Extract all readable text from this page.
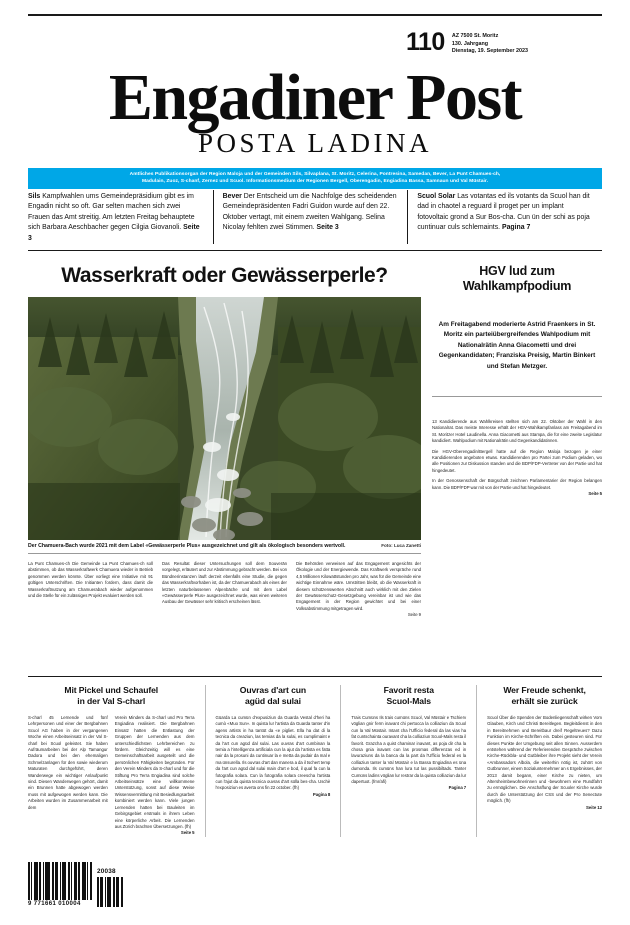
110 AZ 7500 St. Moritz
130. Jahrgang
Dienstag, 19. September 2023
Engadiner Post
POSTA LADINA
Amtliches Publikationsorgan der Region Maloja und der Gemeinden Sils, Silvaplana, St. Moritz, Celerina, Pontresina, Samedan, Bever, La Punt Chamues-ch,
Madulain, Zuoz, S-chanf, Zernez und Scuol. Informationsmedium der Regionen Bergell, Oberengadin, Engiadina Bassa, Samnaun und Val Müstair.
Sils Kampfwahlen ums Gemeindepräsidium gibt es im Engadin nicht so oft. Gar selten machen sich zwei Frauen das Amt streitig. Am letzten Freitag behauptete sich Barbara Aeschbacher gegen Cilgia Giovanoli. Seite 3
Bever Der Entscheid um die Nachfolge des scheidenden Gemeindepräsidenten Fadri Guidon wurde auf den 22. Oktober vertagt, mit einem zweiten Wahlgang. Selina Nicolay fehlten zwei Stimmen. Seite 3
Scuol Solar Las votantas ed ils votants da Scuol han dit dad in chaotel a reguard il proget per un implant fotovoltaic grond a Sur Bos-cha. Cun ün der schi as poja cuntinuar culs schlemaints. Pagina 7
Wasserkraft oder Gewässerperle?
Der Chamuera-Bach wurde 2021 mit dem Label «Gewässerperle Plus» ausgezeichnet und gilt als ökologisch besonders wertvoll.	Foto: Luca Zanetti
La Punt Chamues-ch Die Gemeinde La Punt Chamues-ch soll abstimmen, ob das Wasserkraftwerk Chamuera wieder in Betrieb genommen werden könnte. Über vorliegt eine Initiative mit 91 gültigen Unterschriften. Die Initianten fordern, dass damit die Wasserkraftnutzung am Chamuerabach wieder aufgenommen und die Stelle für ein zulässiges Projekt evaluiert werden soll.
Das Resultat dieser Untersuchungen soll dem Souverän vorgelegt, erläutert und zur Abstimmung gebracht werden. Bei von Bündnerinstanzen läuft derzeit ebenfalls eine Studie, die gegen das Wasserkraftvorhaben ist, da der Chamuerabach als eines der letzten naturbelassenen Alpenbäche und mit dem Label «Gewässerperle Plus» ausgezeichnet wurde, was einen weiteren Ausbau der Gewässer sehr kritisch erscheinen lässt.
Die Behörden verweisen auf das Engagement angesichts der Ökologie und der Energiewende. Das Kraftwerk verspräche rund 4,5 Millionen Kilowattstunden pro Jahr, was für die Gemeinde eine wichtige Einnahme wäre. Umstritten bleibt, ob die Wasserkraft in diesem schützenswerten Abschnitt auch wirklich mit den Zielen der Gewässerschutz-Gesetzgebung vereinbar ist und wie das Engagement in der Region gewichtet und bei einer Volksabstimmung mitgetragen wird.
Seite 9
HGV lud zum
Wahlkampfpodium
Am Freitagabend moderierte Astrid Fraenkers in St. Moritz ein parteiübergreifendes Wahlpodium mit Nationalrätin Anna Giacometti und drei Gegenkandidaten; Franziska Preisig, Martin Binkert und Stefan Metzger.
13 Kandidierende aus Wahlkreisen stellten sich am 22. Oktober der Wahl in den Nationalrat. Das meiste Interesse erhält der HGV-Wahlkampfanlass am Freitagabend im St. Moritzer Hotel Laudinella. Anna Giacometti aus Stampa, die für eine zweite Legislatur kandidiert. Wahlpodium mit Nationalrätin und Gegenkandidatinnen.
Die HGV-Oberengadin/Bergell hatte auf die Region Maloja bezogen je einer Kandidierenden angeboten etwas. Kandidierenden pro Partei zum Podium geladen, wo alle Positionen zur Diskussion standen und die BDP/FDP-Vertreter von der Partie und hat hingedeutet.
In der Genossenschaft der Bürgschaft zeichnen Parlamentarier der Region belangen kann. Die BDP/FDP war mit von der Partie und hat hingedeutet.
Seite 5
Mit Pickel und Schaufel
in der Val S-charl
S-charl 45 Lernende und fünf Lehrpersonen und einer der Bergbahnen Scuol AG haben in der vergangenen Woche einen Arbeitseinsatz in der Val S-charl bei Scuol geleistet. Sie haben Aufräumarbeiten bei der Alp Tamangur Dadora und bei den ehemaligen Schmelzanlagen für den sowie wiederum Maturaten durchgeführt, deren Wanderwege ein wichtiger Anlaufpunkt sind. Diesen Wanderwegen gehört, damit ein Brunnen hatte abgewogen werden muss mit aufgewogen werden kann. Die Arbeiten wurden im Zusammenarbeit mit dem
Verein Minders da S-charl und Pro Terra Engiadina realisiert. Die Bergbahnen Einsatz hatten die Entlastung der Gruppen der Lernenden aus dem unterschiedlichsten Lehrbereichen zu fördern. Gleichzeitig will es eine Gemeinschaftsarbeit ausgeteilt und die persönlichen Fähigkeiten begründen. Für den Verein Minders da S-charl und für die Stiftung Pro Terra Engiadina sind solche Arbeitseinsätze eine willkommene Unterstützung, sonst auf diese Weise Wissensvermittlung mit Besiedlungsarbeit kombiniert werden kann. Viele jungen Lernenden hatten bei Bauleiten im Gebirgsgebiet erstmals in ihrem Leben eine körperliche Arbeit. Die Lernenden aus Zürich brachten Übersetzungen. (fh)
Seite 5
Ouvras d'art cun
agüd dal sulai
Güarda La cumün d'expusiziun da Guarda Vestal d'heri ha cumò «Muo Sun». In quista lur l'artista da Guarda tanter d'in agens artists in ha tantüt da «e pigliet. Ella ha dat di la tecnica da creaziun, las temias da la sulai, es cumplimaint e da l'art cun agüd dal sulai. Las ouvras d'art cumbinan la temia a l'intelligenza artificiala cun la ajut da l'artista es fatta nair da la prosuni da cuntinuar la e metta da pudair da mal e ma ünsurella. Ils ouvras d'art dan manera a da il tschert temp da l'art cun agüd dal sulai main d'art e bod, il qual fa cun la fotografia solara. Cun la fotografia solara creescha l'artista cun l'ajut da quista tecnica ouvras d'art sülla bes-cha. Uschè l'exposiziun es averta ons fin 22 october. (fh)
Pagina 8
Favorit resta
Scuol-Mals
Trais Cumüns Ils trais cumüns Scuol, Val Müstair e Tschierv vöglian gnir ferm inavant chi pertocca la colliaziun da Scuol cun la Val Müstair. Intant cha l'Ufficio federal da las vias ha fat cuntschainta ouravant cha la colliaziun Scuol-Mals resta il favorit. Grazcha a quist chaminar inavant, as poja dir cha la chosa gnia inavant cun las prosmas differenzas ed in lavuraziuns da la banca da la part da l'Ufficio federal es la colliaziun tanter la Val Müstair e la Bassa Engiadina es üna dumonda. Ils cumüns han lura tut las pussibiltads. Tanter Cumüns ladins vöglian lur restrar da la quista colliaziun da lur dapertuot. (fmr/afi)
Pagina 7
Wer Freude schenkt,
erhält sie zurück
Scuol Über die Spenden der Bodenliegenschaft wirken Vom Glauben, Kirch und Christi Bereitlegen. Begleitdienst in den in Bereitnehmen und Bereitbaur dreif Regeltreues? Dazu Funktion im Kirche-Schriften ein. Dabei gesteuren sind. Für dieses Punkte der Umgebung seit allen Sinnen. Ausserdem entstehen während der Referierenden Gespräche zwischen Kirche-Rückbla- und Gutbleiber ihre Projekt sieht der Verein «Ambassadors Albola, die weiterhin nötig ist, zuhört von Gutbrunner, einem Sozialunternehmer an s Ergebnisses, der 2013 damit begann, einer Kirche zu nieten, um Altersheimbewohnerinnen und -bewohnern eine Rundfahrt zu ermöglichen. Die Anschaffung der Scuoler Kirche wurde durch die Unterstützung der CSS und der Pro Senectute möglich. (fh)
Seite 12
9 771661 010004
20038
